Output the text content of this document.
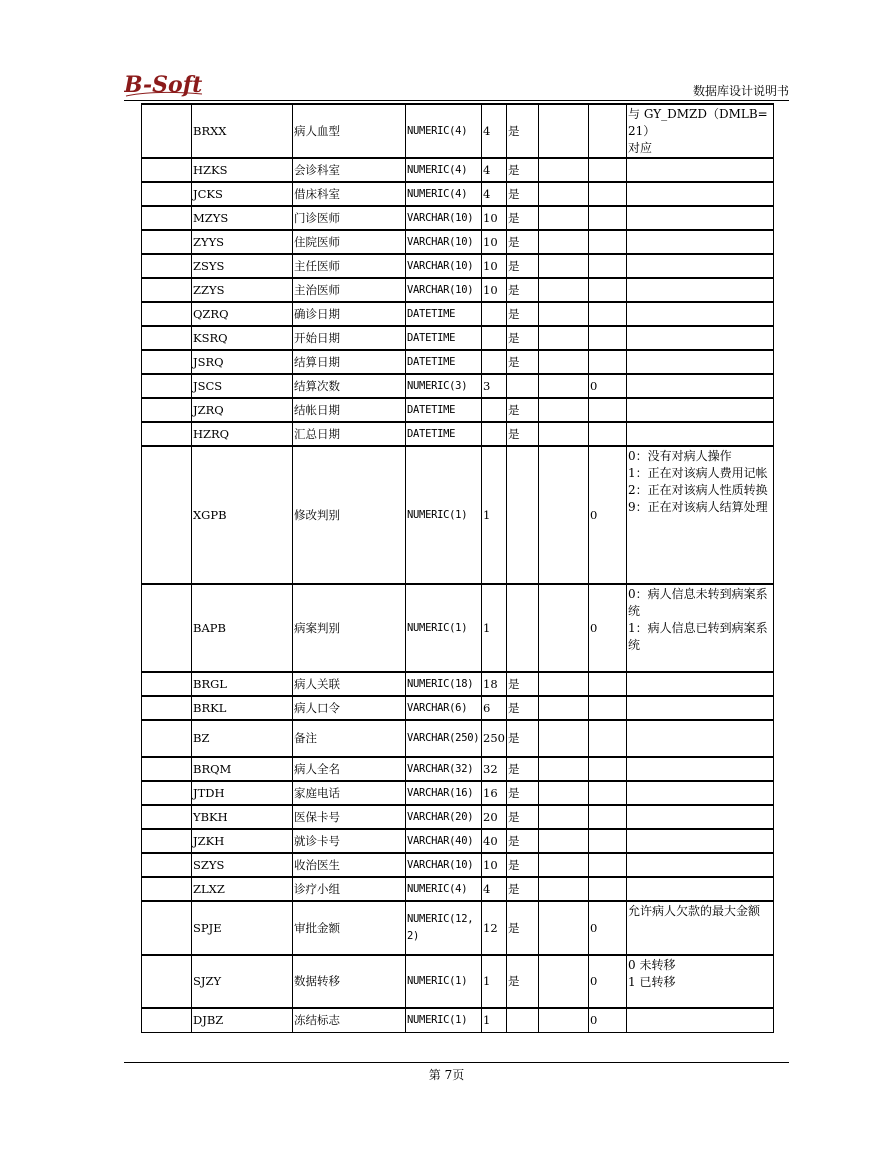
B-Soft	数据库设计说明书
	BRXX	病人血型	NUMERIC(4)	4	是			与 GY_DMZD（DMLB=21）
对应
	HZKS	会诊科室	NUMERIC(4)	4	是			
	JCKS	借床科室	NUMERIC(4)	4	是			
	MZYS	门诊医师	VARCHAR(10)	10	是			
	ZYYS	住院医师	VARCHAR(10)	10	是			
	ZSYS	主任医师	VARCHAR(10)	10	是			
	ZZYS	主治医师	VARCHAR(10)	10	是			
	QZRQ	确诊日期	DATETIME		是			
	KSRQ	开始日期	DATETIME		是			
	JSRQ	结算日期	DATETIME		是			
	JSCS	结算次数	NUMERIC(3)	3			0	
	JZRQ	结帐日期	DATETIME		是			
	HZRQ	汇总日期	DATETIME		是			
	XGPB	修改判别	NUMERIC(1)	1			0	0：没有对病人操作
1：正在对该病人费用记帐
2：正在对该病人性质转换
9：正在对该病人结算处理
	BAPB	病案判别	NUMERIC(1)	1			0	0：病人信息未转到病案系统
1：病人信息已转到病案系统
	BRGL	病人关联	NUMERIC(18)	18	是			
	BRKL	病人口令	VARCHAR(6)	6	是			
	BZ	备注	VARCHAR(250)	250	是			
	BRQM	病人全名	VARCHAR(32)	32	是			
	JTDH	家庭电话	VARCHAR(16)	16	是			
	YBKH	医保卡号	VARCHAR(20)	20	是			
	JZKH	就诊卡号	VARCHAR(40)	40	是			
	SZYS	收治医生	VARCHAR(10)	10	是			
	ZLXZ	诊疗小组	NUMERIC(4)	4	是			
	SPJE	审批金额	NUMERIC(12,2)	12	是		0	允许病人欠款的最大金额
	SJZY	数据转移	NUMERIC(1)	1	是		0	0 未转移
1 已转移
	DJBZ	冻结标志	NUMERIC(1)	1			0	
第 7页
